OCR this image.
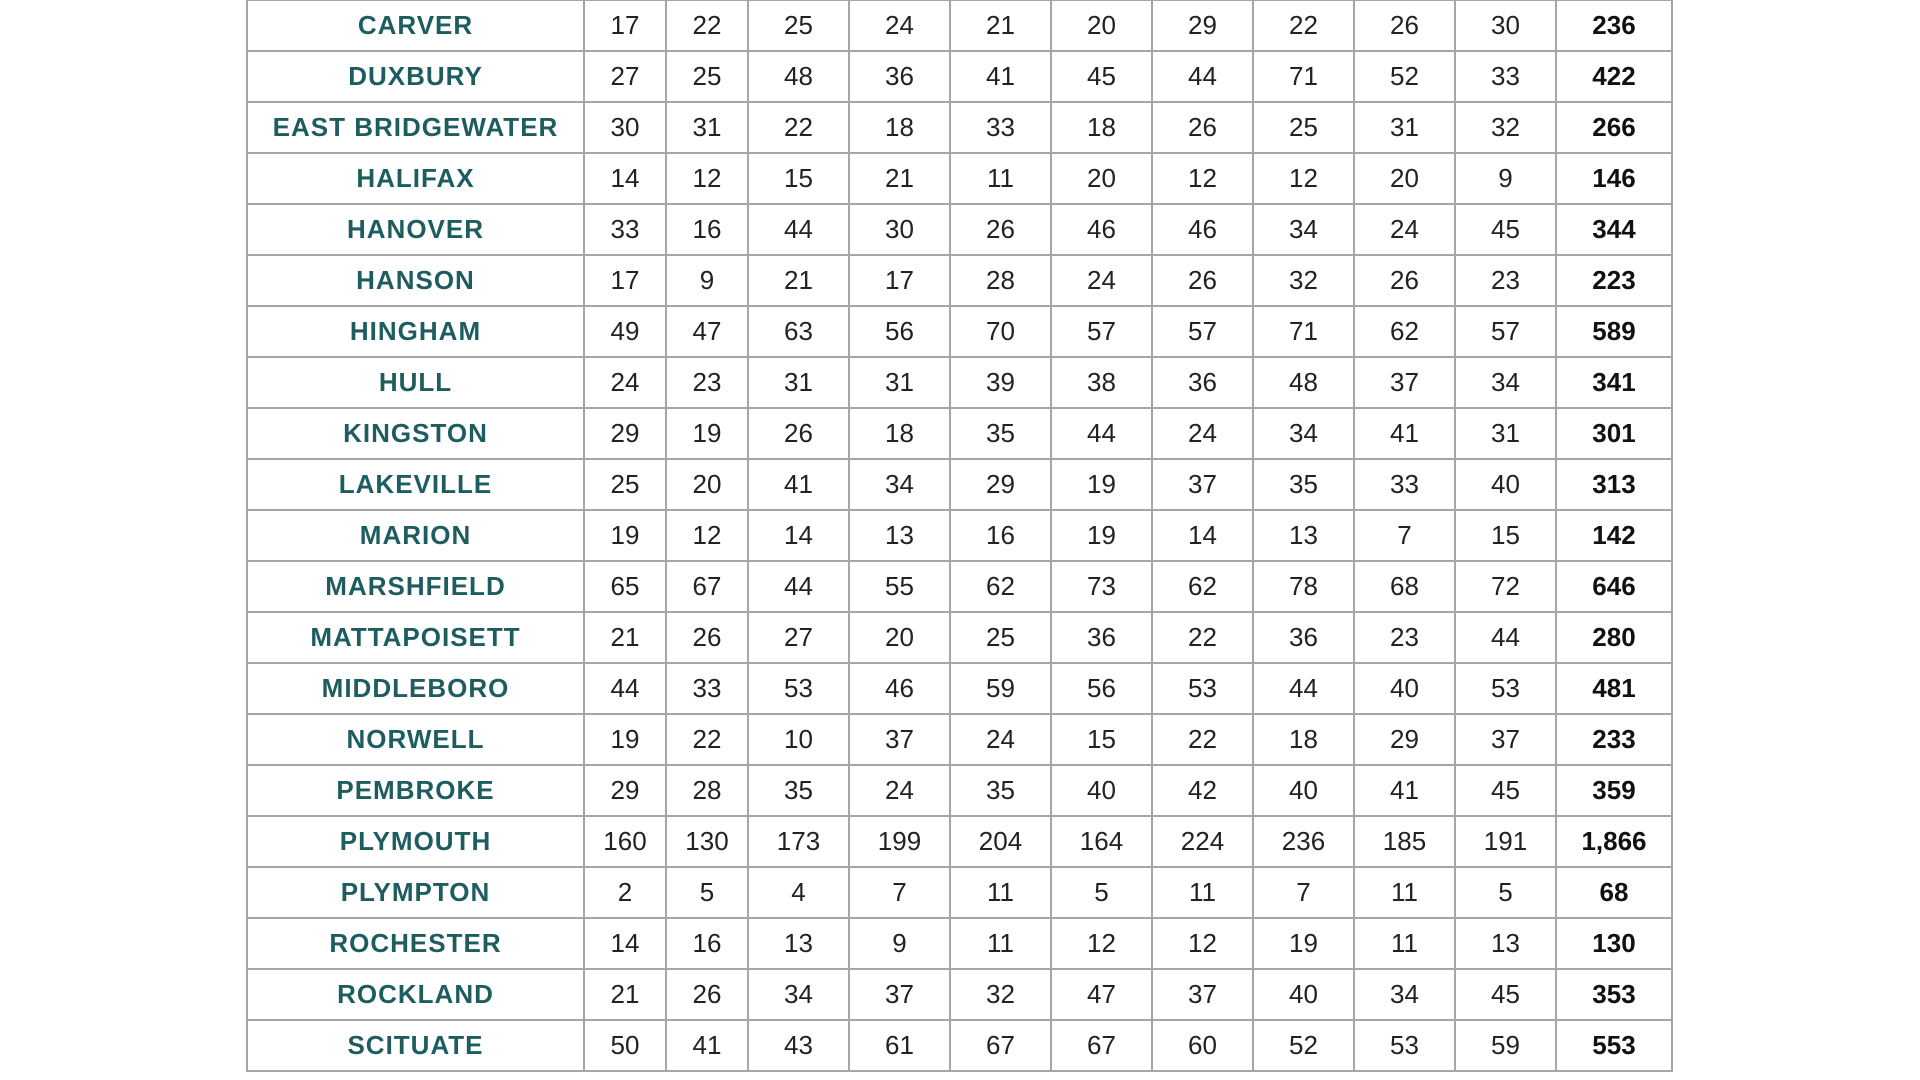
CARVER	17	22	25	24	21	20	29	22	26	30	236
DUXBURY	27	25	48	36	41	45	44	71	52	33	422
EAST BRIDGEWATER	30	31	22	18	33	18	26	25	31	32	266
HALIFAX	14	12	15	21	11	20	12	12	20	9	146
HANOVER	33	16	44	30	26	46	46	34	24	45	344
HANSON	17	9	21	17	28	24	26	32	26	23	223
HINGHAM	49	47	63	56	70	57	57	71	62	57	589
HULL	24	23	31	31	39	38	36	48	37	34	341
KINGSTON	29	19	26	18	35	44	24	34	41	31	301
LAKEVILLE	25	20	41	34	29	19	37	35	33	40	313
MARION	19	12	14	13	16	19	14	13	7	15	142
MARSHFIELD	65	67	44	55	62	73	62	78	68	72	646
MATTAPOISETT	21	26	27	20	25	36	22	36	23	44	280
MIDDLEBORO	44	33	53	46	59	56	53	44	40	53	481
NORWELL	19	22	10	37	24	15	22	18	29	37	233
PEMBROKE	29	28	35	24	35	40	42	40	41	45	359
PLYMOUTH	160	130	173	199	204	164	224	236	185	191	1,866
PLYMPTON	2	5	4	7	11	5	11	7	11	5	68
ROCHESTER	14	16	13	9	11	12	12	19	11	13	130
ROCKLAND	21	26	34	37	32	47	37	40	34	45	353
SCITUATE	50	41	43	61	67	67	60	52	53	59	553
